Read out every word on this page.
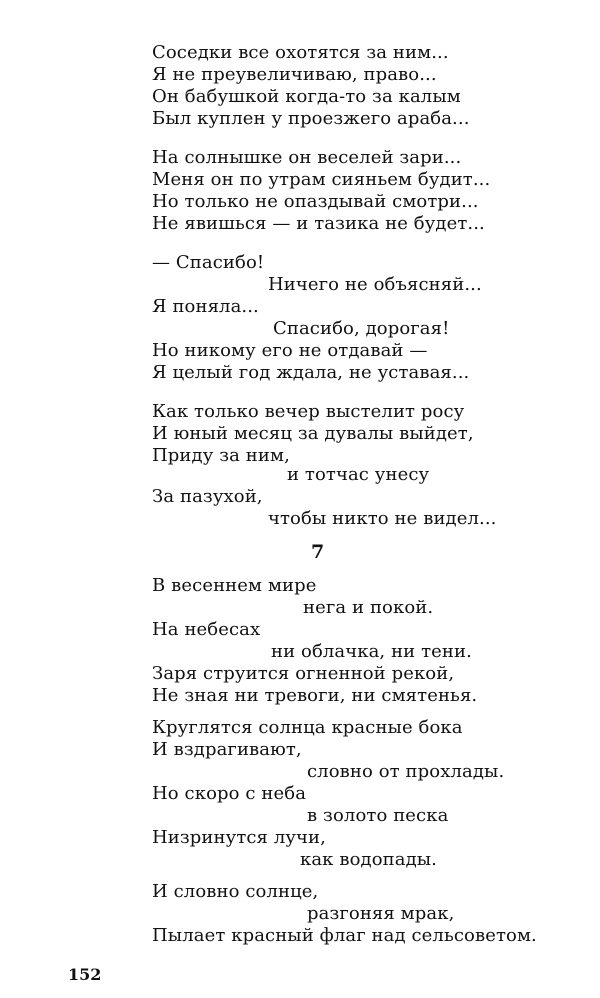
Соседки все охотятся за ним...
Я не преувеличиваю, право...
Он бабушкой когда-то за калым
Был куплен у проезжего араба...
На солнышке он веселей зари...
Меня он по утрам сияньем будит...
Но только не опаздывай смотри...
Не явишься — и тазика не будет...
— Спасибо!
Ничего не объясняй...
Я поняла...
Спасибо, дорогая!
Но никому его не отдавай —
Я целый год ждала, не уставая...
Как только вечер выстелит росу
И юный месяц за дувалы выйдет,
Приду за ним,
и тотчас унесу
За пазухой,
чтобы никто не видел...
7
В весеннем мире
нега и покой.
На небесах
ни облачка, ни тени.
Заря струится огненной рекой,
Не зная ни тревоги, ни смятенья.
Круглятся солнца красные бока
И вздрагивают,
словно от прохлады.
Но скоро с неба
в золото песка
Низринутся лучи,
как водопады.
И словно солнце,
разгоняя мрак,
Пылает красный флаг над сельсоветом.
152
